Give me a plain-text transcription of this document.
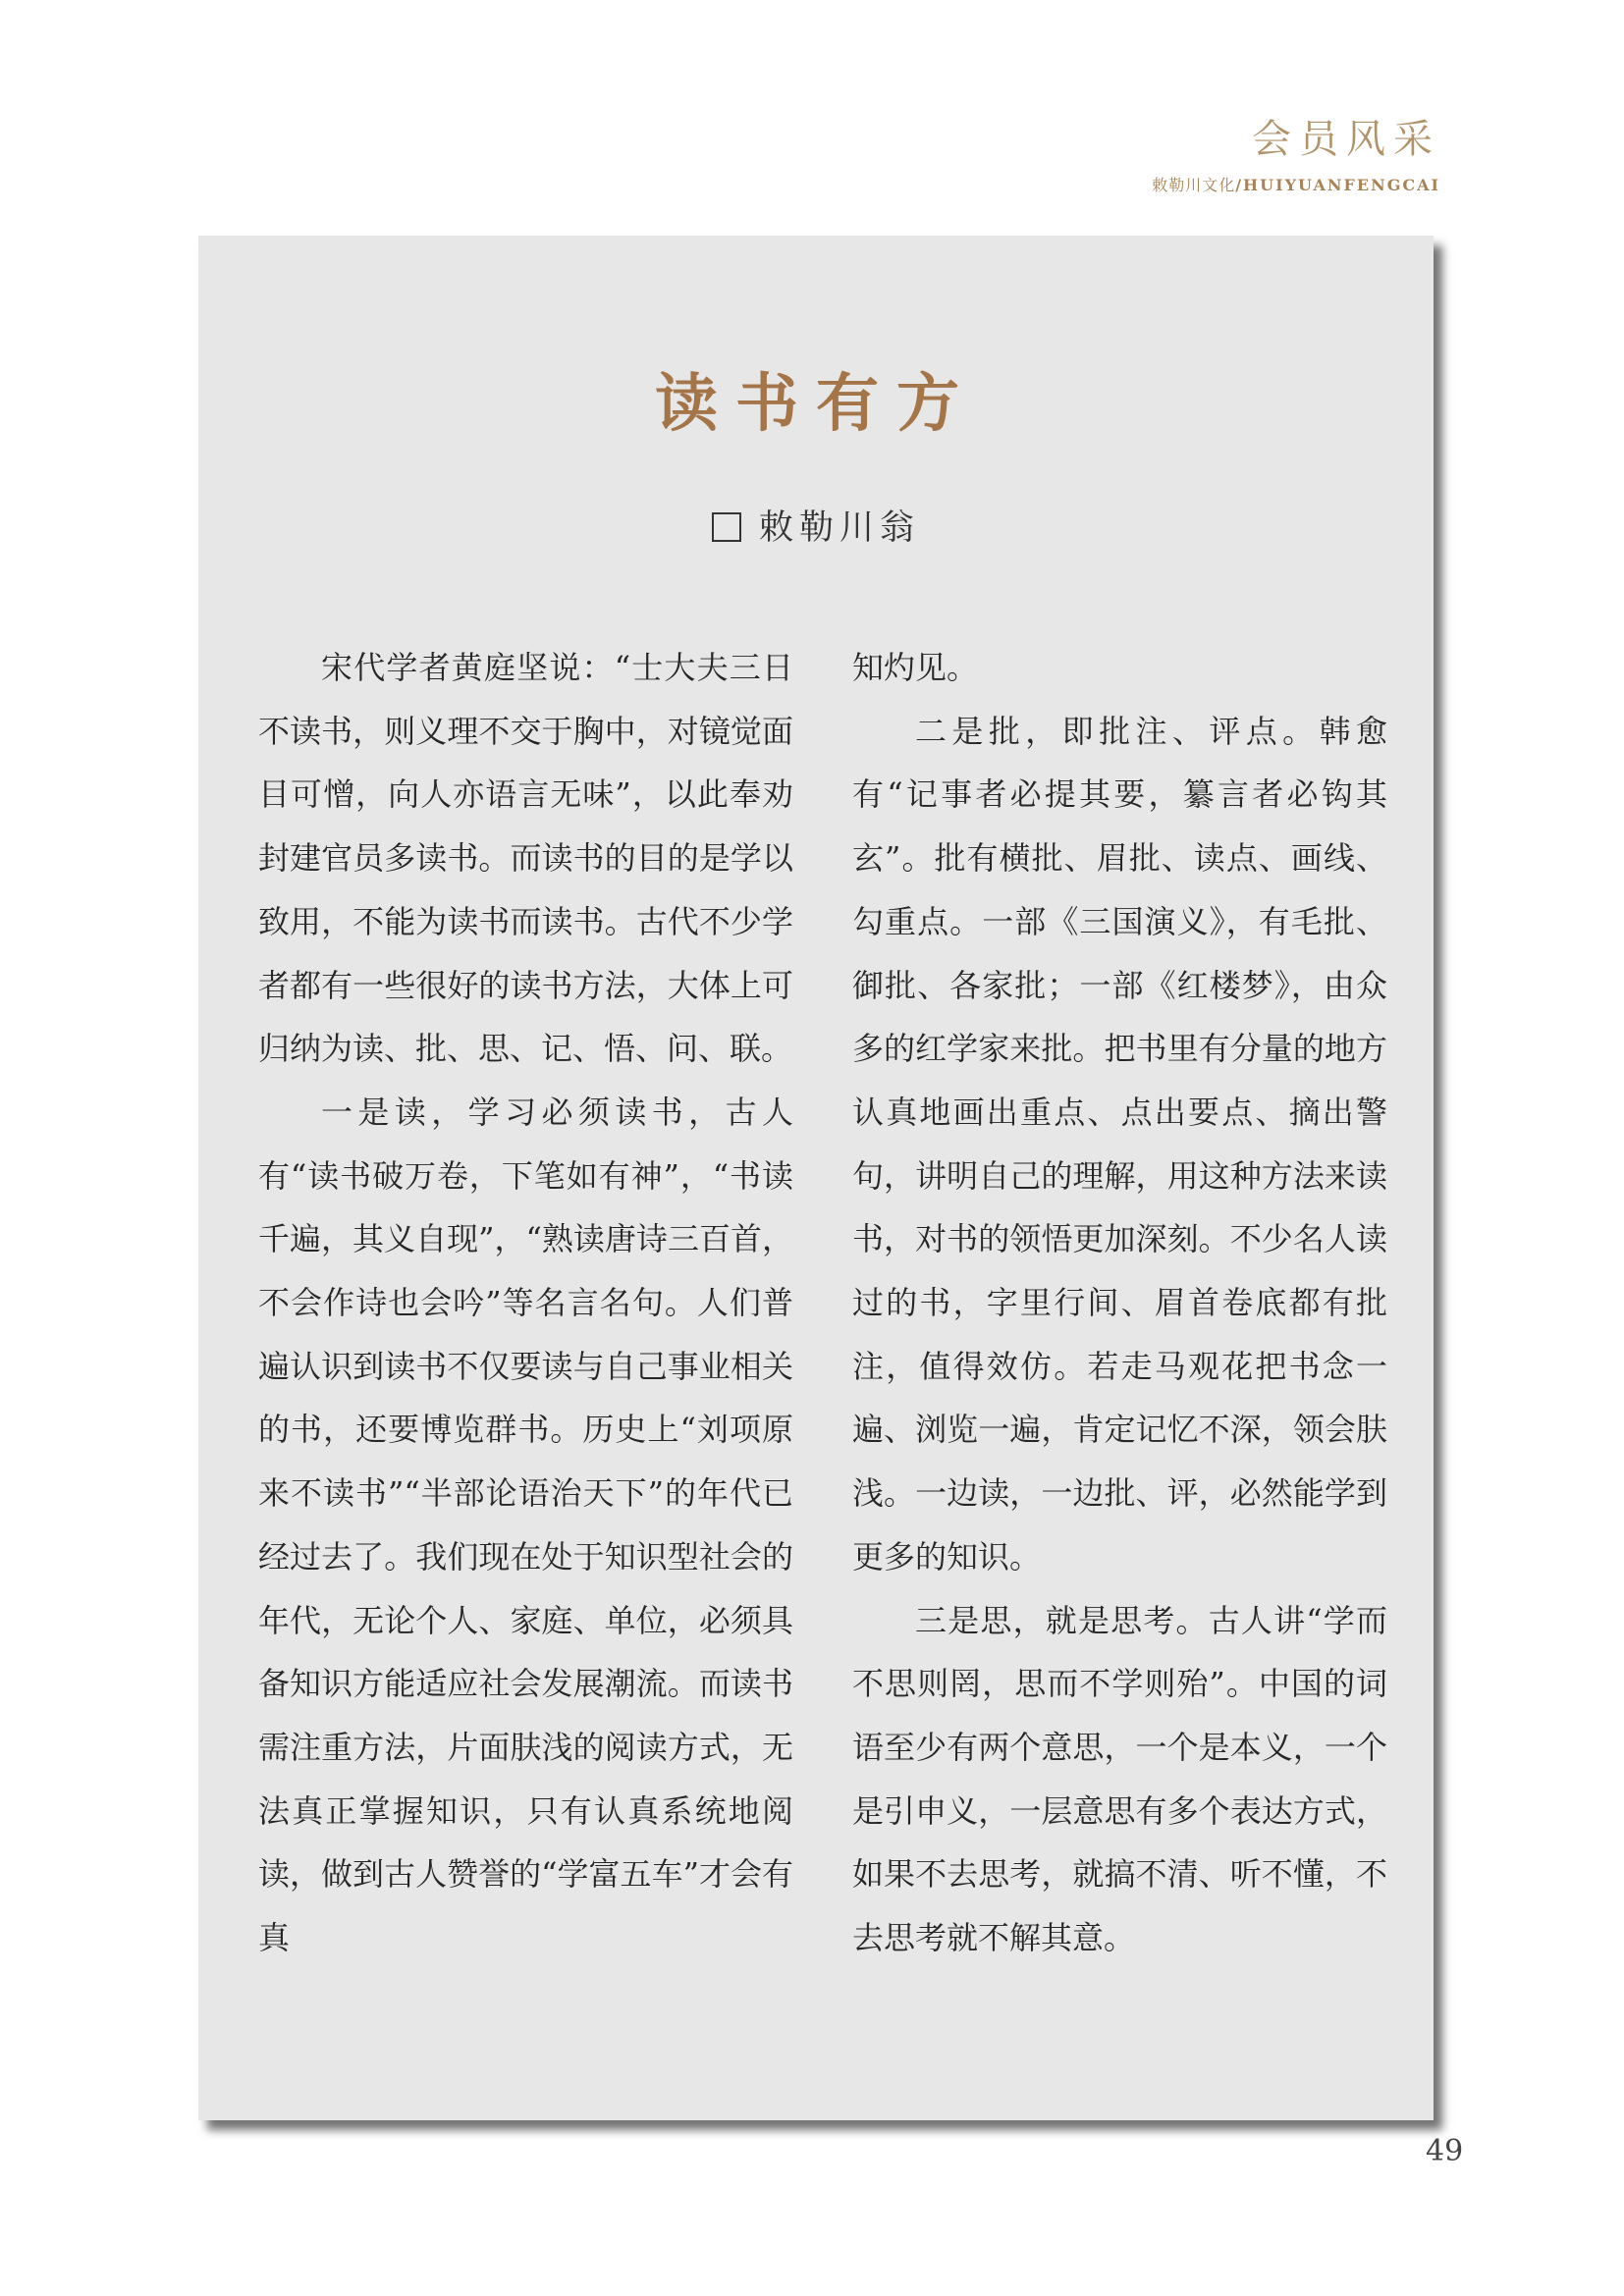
会员风采
敕勒川文化/HUIYUANFENGCAI
读书有方
敕勒川翁

宋代学者黄庭坚说：“士大夫三日不读书，则义理不交于胸中，对镜觉面目可憎，向人亦语言无味”，以此奉劝封建官员多读书。而读书的目的是学以致用，不能为读书而读书。古代不少学者都有一些很好的读书方法，大体上可归纳为读、批、思、记、悟、问、联。

一是读，学习必须读书，古人有“读书破万卷，下笔如有神”，“书读千遍，其义自现”，“熟读唐诗三百首，不会作诗也会吟”等名言名句。人们普遍认识到读书不仅要读与自己事业相关的书，还要博览群书。历史上“刘项原来不读书”“半部论语治天下”的年代已经过去了。我们现在处于知识型社会的年代，无论个人、家庭、单位，必须具备知识方能适应社会发展潮流。而读书需注重方法，片面肤浅的阅读方式，无法真正掌握知识，只有认真系统地阅读，做到古人赞誉的“学富五车”才会有真

知灼见。

二是批，即批注、评点。韩愈有“记事者必提其要，纂言者必钩其玄”。批有横批、眉批、读点、画线、勾重点。一部《三国演义》，有毛批、御批、各家批；一部《红楼梦》，由众多的红学家来批。把书里有分量的地方认真地画出重点、点出要点、摘出警句，讲明自己的理解，用这种方法来读书，对书的领悟更加深刻。不少名人读过的书，字里行间、眉首卷底都有批注，值得效仿。若走马观花把书念一遍、浏览一遍，肯定记忆不深，领会肤浅。一边读，一边批、评，必然能学到更多的知识。

三是思，就是思考。古人讲“学而不思则罔，思而不学则殆”。中国的词语至少有两个意思，一个是本义，一个是引申义，一层意思有多个表达方式，如果不去思考，就搞不清、听不懂，不去思考就不解其意。

49
